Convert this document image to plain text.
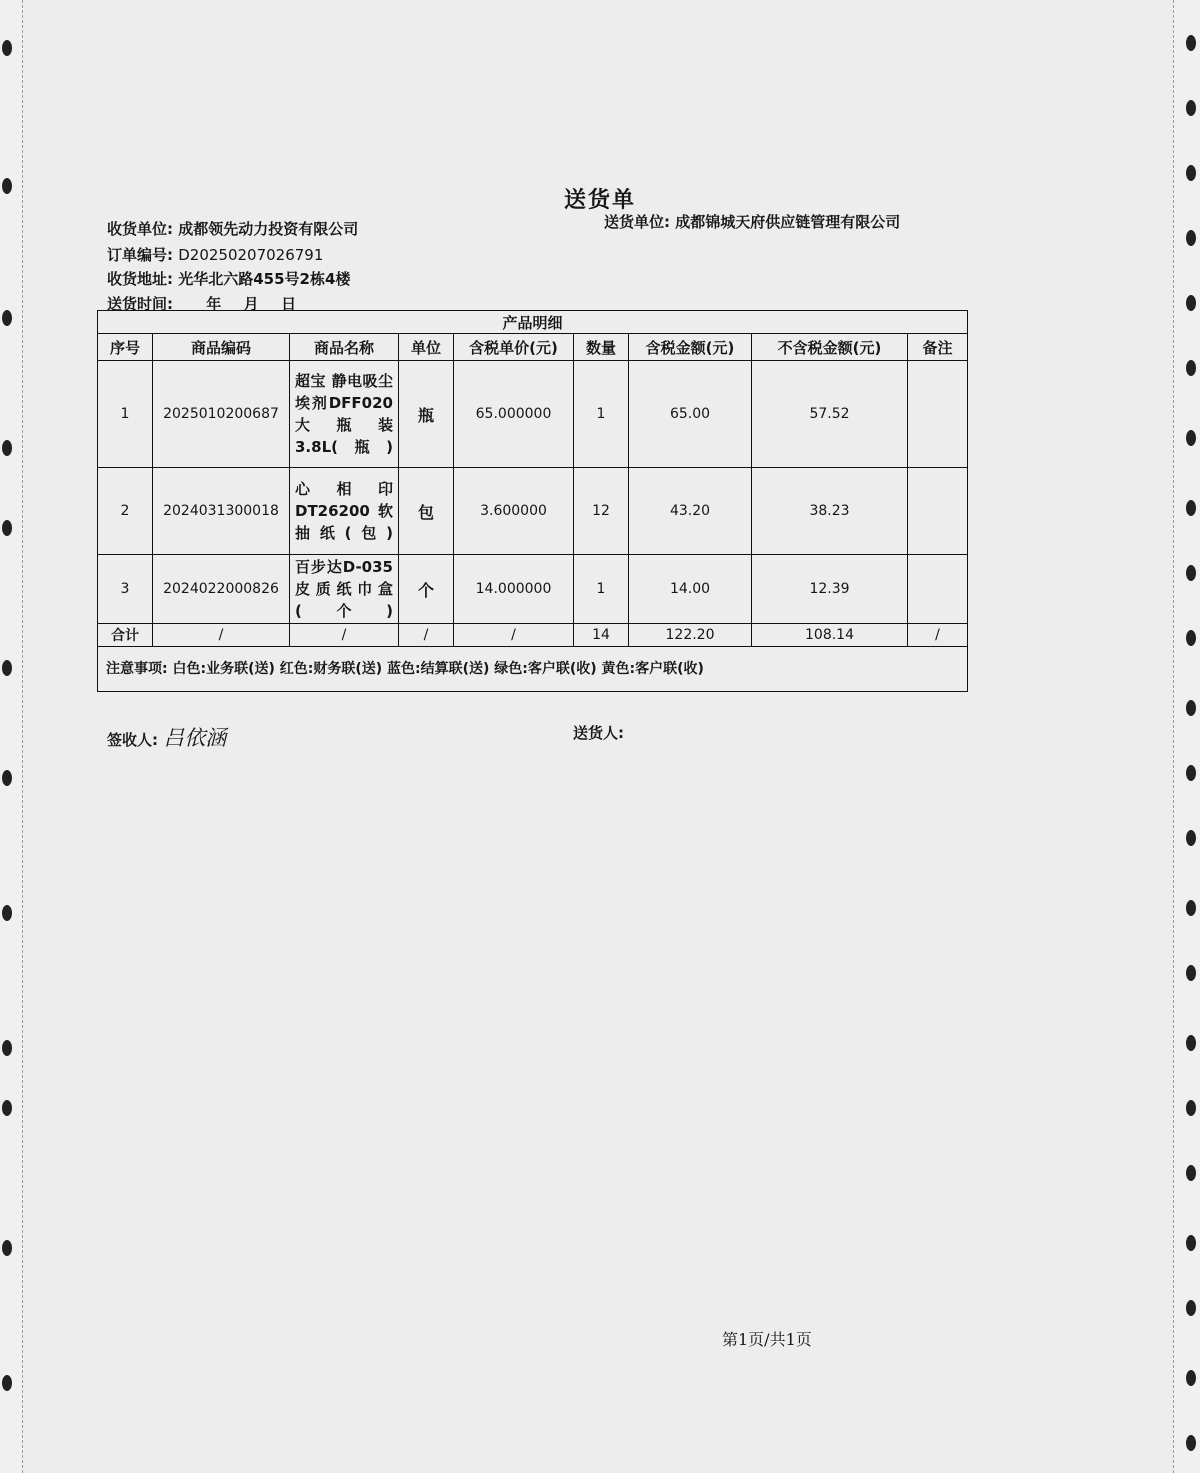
送货单
收货单位: 成都领先动力投资有限公司	送货单位: 成都锦城天府供应链管理有限公司
订单编号: D20250207026791
收货地址: 光华北六路455号2栋4楼
送货时间: 年  月  日
产品明细								
序号	商品编码	商品名称	单位	含税单价(元)	数量	含税金额(元)	不含税金额(元)	备注
1	2025010200687	超宝 静电吸尘埃剂DFF020大瓶装 3.8L(瓶)	瓶	65.000000	1	65.00	57.52	
2	2024031300018	心相印DT26200软抽纸(包)	包	3.600000	12	43.20	38.23	
3	2024022000826	百步达D-035皮质纸巾盒(个)	个	14.000000	1	14.00	12.39	
合计	/	/	/	/	14	122.20	108.14	/
注意事项: 白色:业务联(送) 红色:财务联(送) 蓝色:结算联(送) 绿色:客户联(收) 黄色:客户联(收)								
签收人: 吕依涵	送货人:
第1页/共1页
